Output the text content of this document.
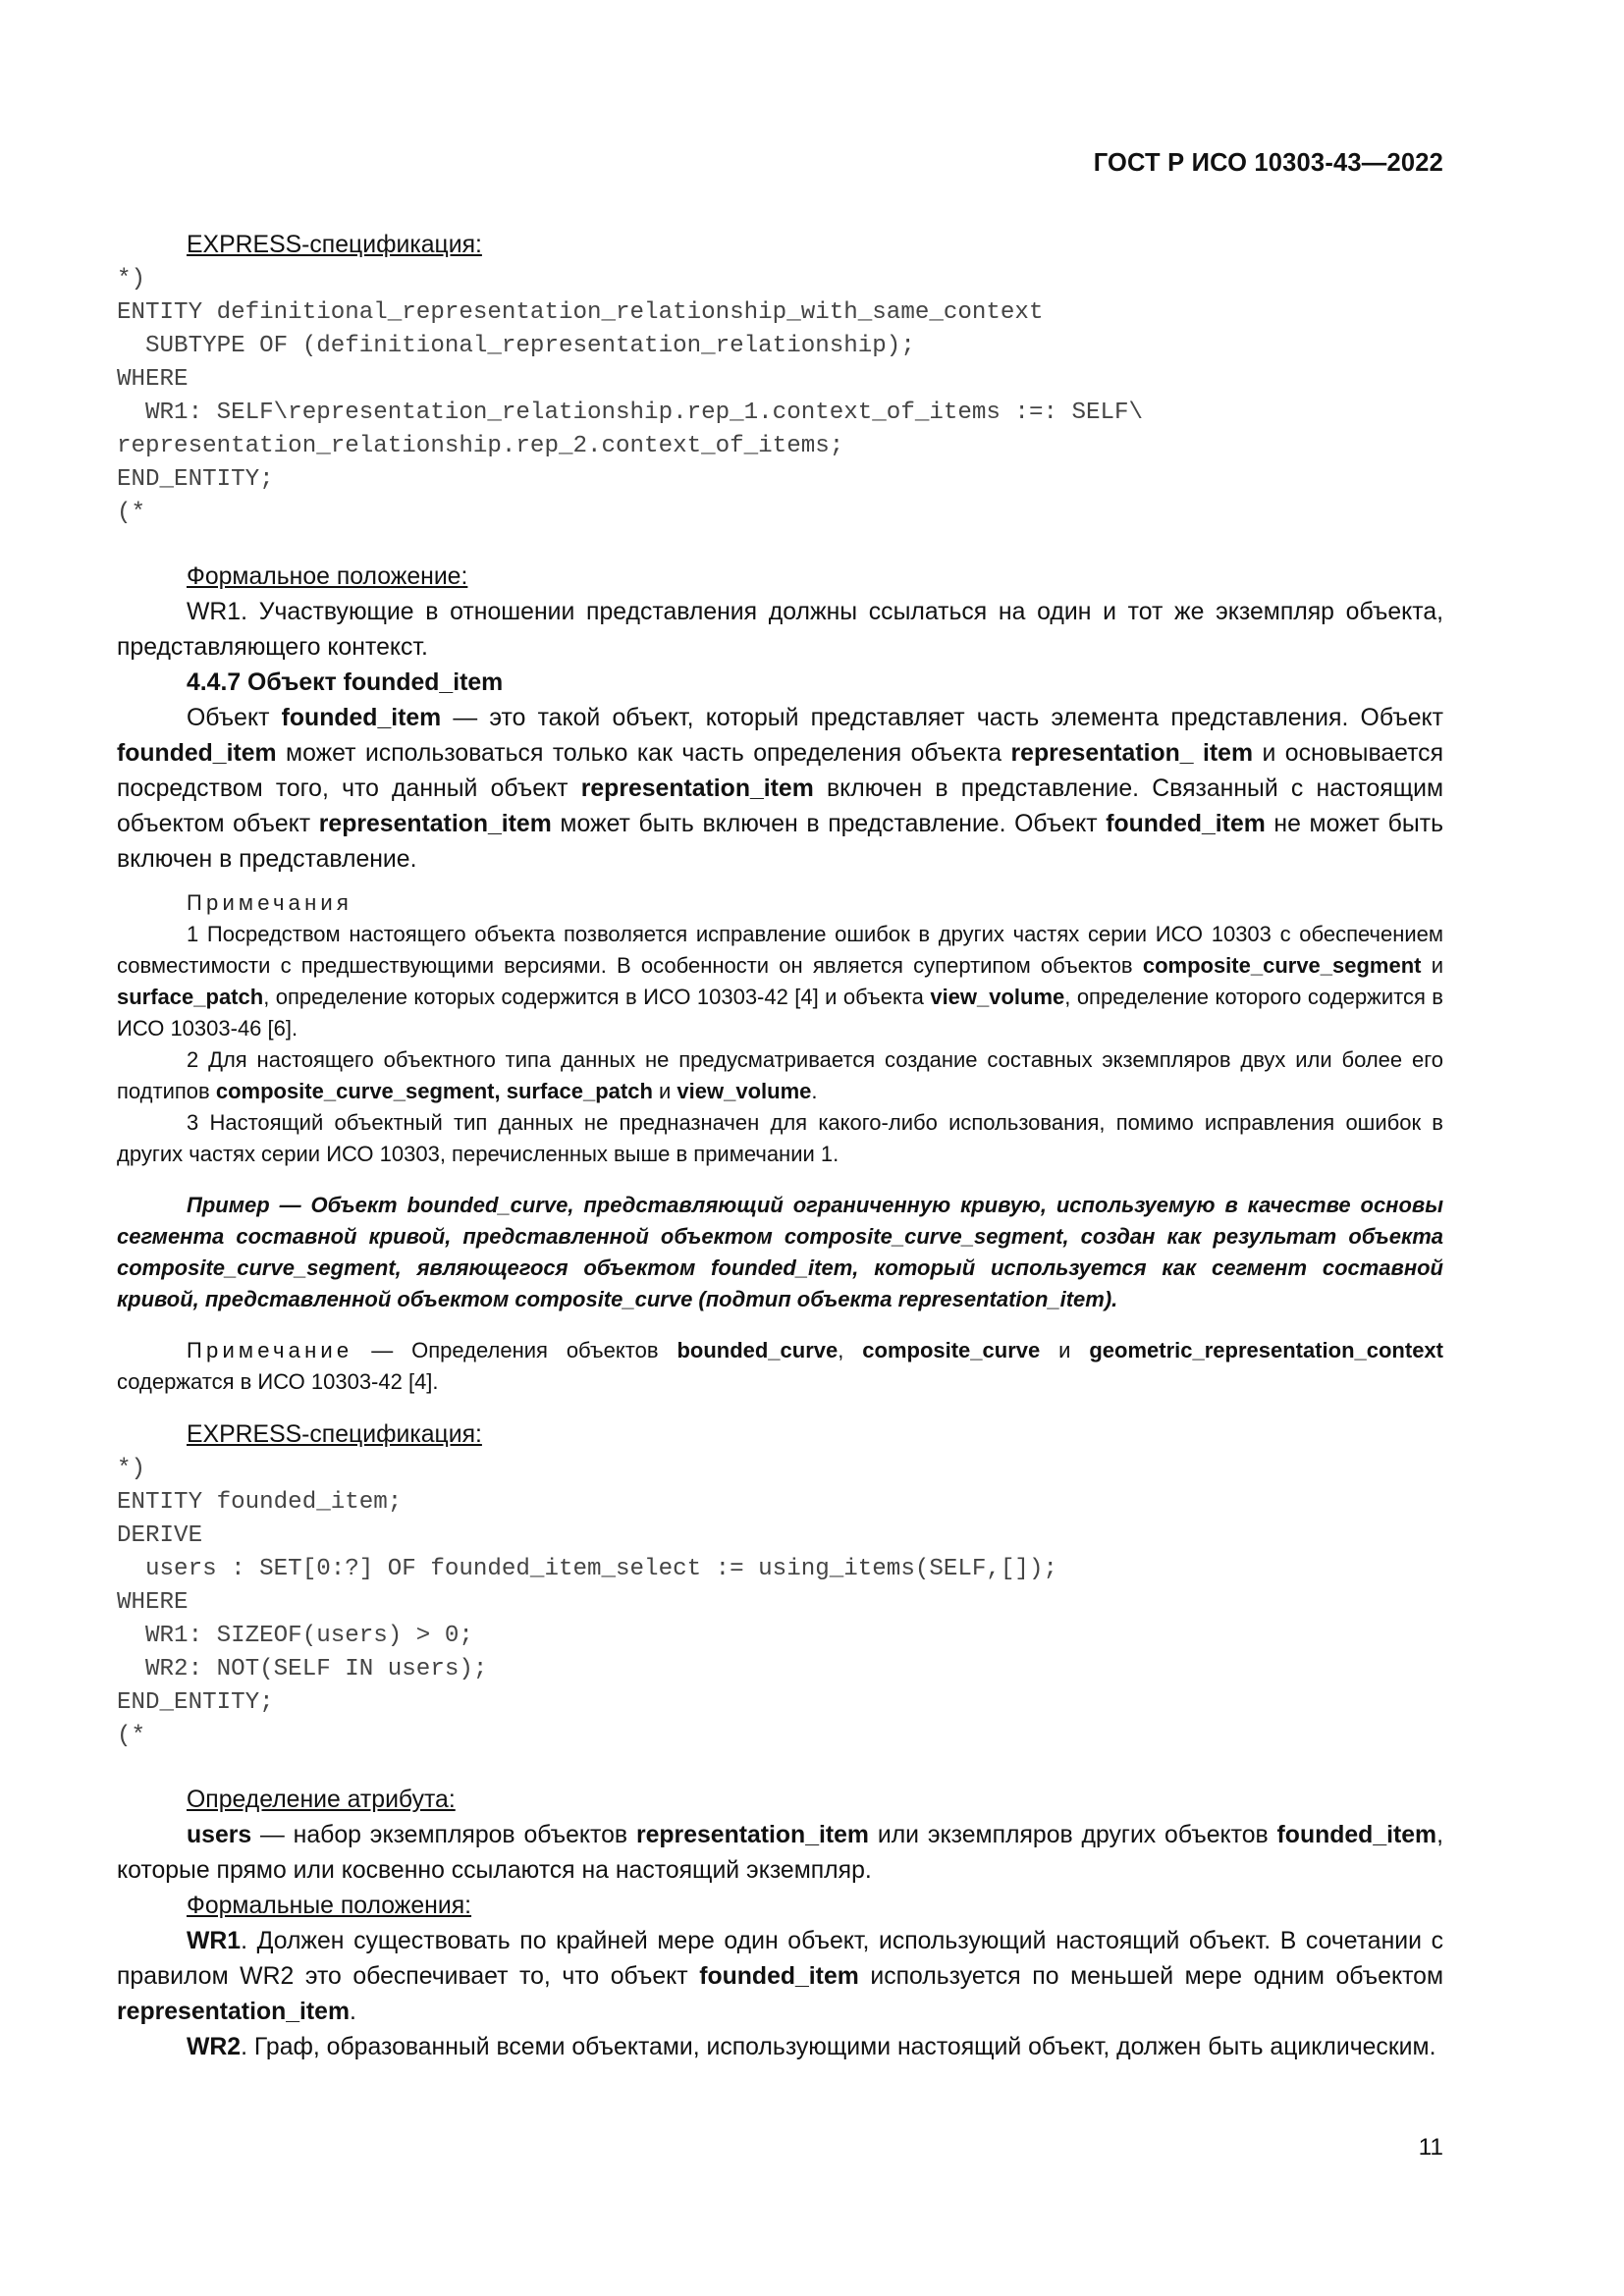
ГОСТ Р ИСО 10303-43—2022

EXPRESS-спецификация:

*)
ENTITY definitional_representation_relationship_with_same_context
SUBTYPE OF (definitional_representation_relationship);
WHERE
WR1: SELF\representation_relationship.rep_1.context_of_items :=: SELF\
representation_relationship.rep_2.context_of_items;
END_ENTITY;
(*

Формальное положение:

WR1. Участвующие в отношении представления должны ссылаться на один и тот же экземпляр объекта, представляющего контекст.

4.4.7 Объект founded_item

Объект founded_item — это такой объект, который представляет часть элемента представления. Объект founded_item может использоваться только как часть определения объекта representation_ item и основывается посредством того, что данный объект representation_item включен в представление. Связанный с настоящим объектом объект representation_item может быть включен в представление. Объект founded_item не может быть включен в представление.

Примечания

1 Посредством настоящего объекта позволяется исправление ошибок в других частях серии ИСО 10303 с обеспечением совместимости с предшествующими версиями. В особенности он является супертипом объектов composite_curve_segment и surface_patch, определение которых содержится в ИСО 10303-42 [4] и объекта view_volume, определение которого содержится в ИСО 10303-46 [6].

2 Для настоящего объектного типа данных не предусматривается создание составных экземпляров двух или более его подтипов composite_curve_segment, surface_patch и view_volume.

3 Настоящий объектный тип данных не предназначен для какого-либо использования, помимо исправления ошибок в других частях серии ИСО 10303, перечисленных выше в примечании 1.

Пример — Объект bounded_curve, представляющий ограниченную кривую, используемую в качестве основы сегмента составной кривой, представленной объектом composite_curve_segment, создан как результат объекта composite_curve_segment, являющегося объектом founded_item, который используется как сегмент составной кривой, представленной объектом composite_curve (подтип объекта representation_item).

Примечание — Определения объектов bounded_curve, composite_curve и geometric_representation_context содержатся в ИСО 10303-42 [4].

EXPRESS-спецификация:

*)
ENTITY founded_item;
DERIVE
users : SET[0:?] OF founded_item_select := using_items(SELF,[]);
WHERE
WR1: SIZEOF(users) > 0;
WR2: NOT(SELF IN users);
END_ENTITY;
(*

Определение атрибута:

users — набор экземпляров объектов representation_item или экземпляров других объектов founded_item, которые прямо или косвенно ссылаются на настоящий экземпляр.

Формальные положения:

WR1. Должен существовать по крайней мере один объект, использующий настоящий объект. В сочетании с правилом WR2 это обеспечивает то, что объект founded_item используется по меньшей мере одним объектом representation_item.

WR2. Граф, образованный всеми объектами, использующими настоящий объект, должен быть ациклическим.

11
